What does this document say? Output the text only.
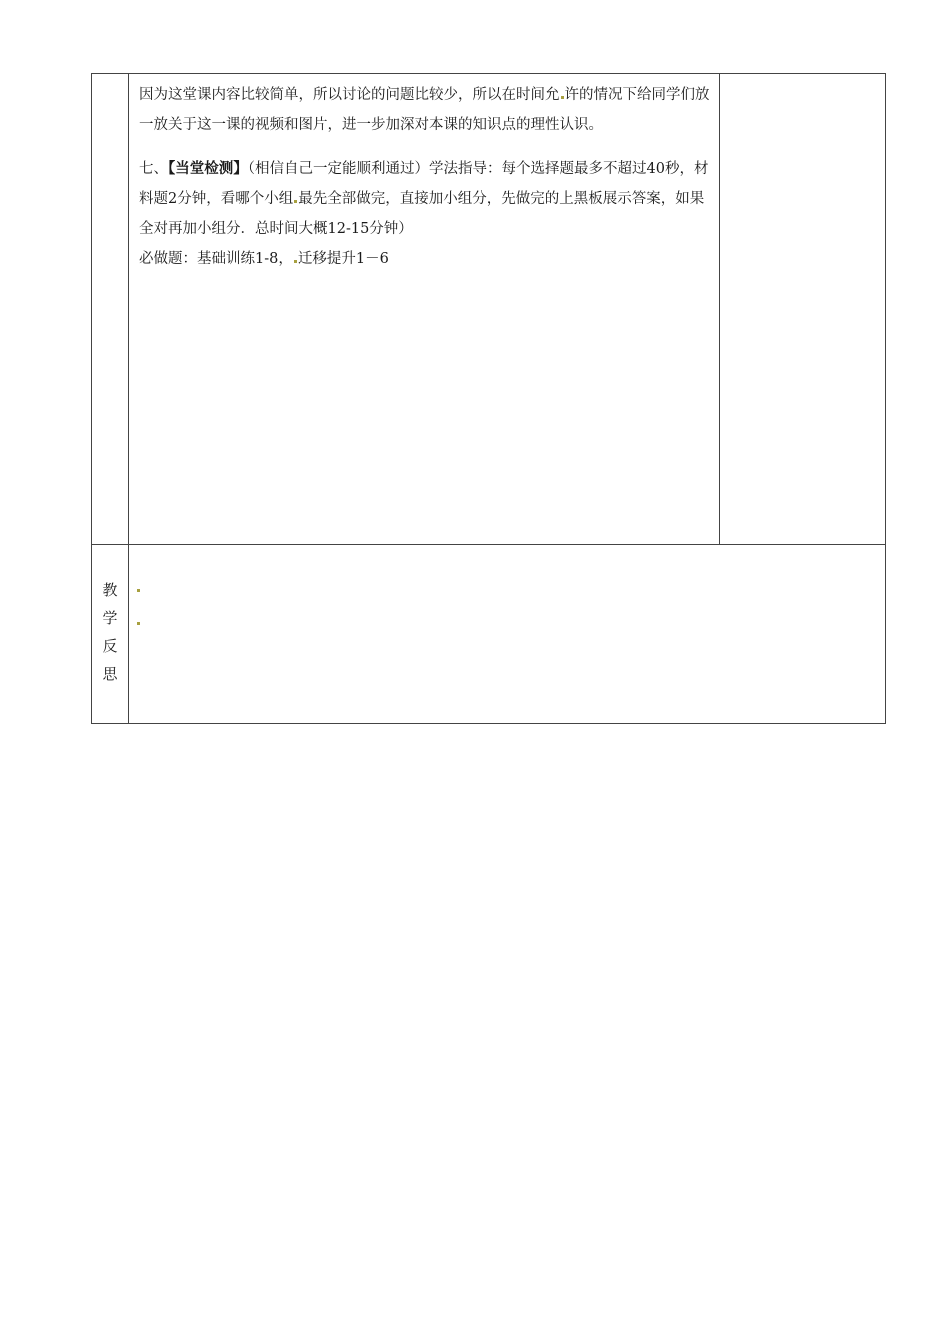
	因为这堂课内容比较简单，所以讨论的问题比较少，所以在时间允 许的情况下给同学们放一放关于这一课的视频和图片，进一步加深对本课的知识点的理性认识。

七、【当堂检测】（相信自己一定能顺利通过）学法指导：每个选择题最多不超过40秒，材料题2分钟，看哪个小组 最先全部做完，直接加小组分，先做完的上黑板展示答案，如果全对再加小组分．总时间大概12-15分钟）

必做题：基础训练1-8， 迁移提升1－6	

教
学
反
思		
